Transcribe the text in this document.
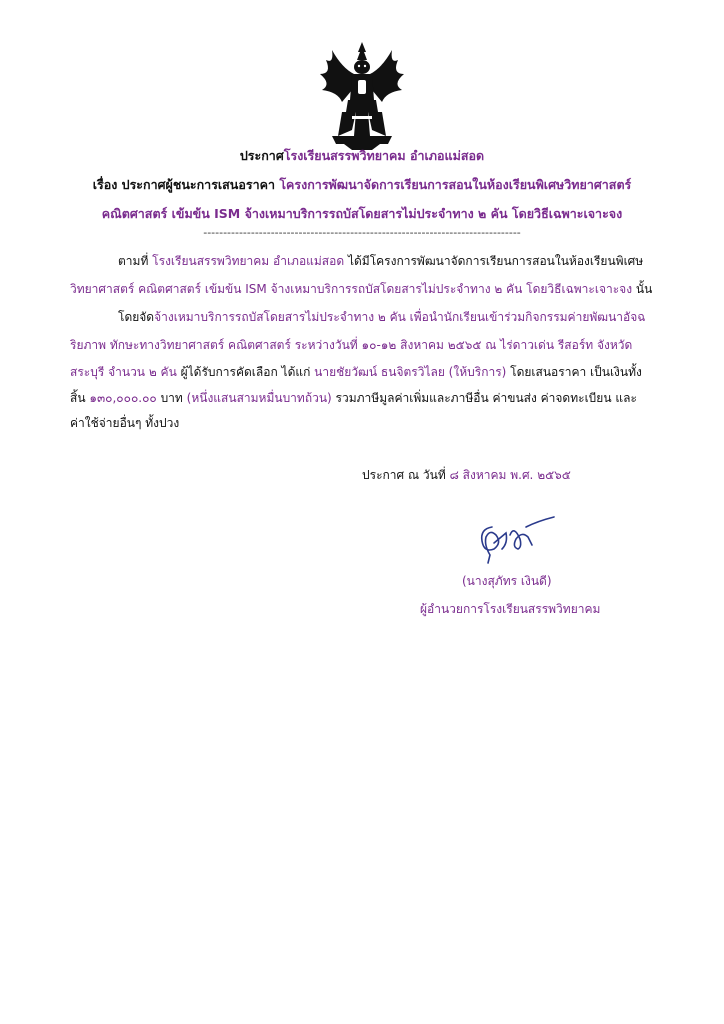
ประกาศโรงเรียนสรรพวิทยาคม อำเภอแม่สอด
เรื่อง ประกาศผู้ชนะการเสนอราคา โครงการพัฒนาจัดการเรียนการสอนในห้องเรียนพิเศษวิทยาศาสตร์
คณิตศาสตร์ เข้มข้น ISM จ้างเหมาบริการรถบัสโดยสารไม่ประจำทาง ๒ คัน โดยวิธีเฉพาะเจาะจง
--------------------------------------------------------------------------------
ตามที่ โรงเรียนสรรพวิทยาคม อำเภอแม่สอด ได้มีโครงการพัฒนาจัดการเรียนการสอนในห้องเรียนพิเศษ
วิทยาศาสตร์ คณิตศาสตร์ เข้มข้น ISM จ้างเหมาบริการรถบัสโดยสารไม่ประจำทาง ๒ คัน โดยวิธีเฉพาะเจาะจง นั้น
โดยจัดจ้างเหมาบริการรถบัสโดยสารไม่ประจำทาง ๒ คัน เพื่อนำนักเรียนเข้าร่วมกิจกรรมค่ายพัฒนาอัจฉ
ริยภาพ ทักษะทางวิทยาศาสตร์ คณิตศาสตร์ ระหว่างวันที่ ๑๐-๑๒ สิงหาคม ๒๕๖๕ ณ ไร่ดาวเด่น รีสอร์ท จังหวัด
สระบุรี จำนวน ๒ คัน ผู้ได้รับการคัดเลือก ได้แก่ นายชัยวัฒน์ ธนจิตรวิไลย (ให้บริการ) โดยเสนอราคา เป็นเงินทั้ง
สิ้น ๑๓๐,๐๐๐.๐๐ บาท (หนึ่งแสนสามหมื่นบาทถ้วน) รวมภาษีมูลค่าเพิ่มและภาษีอื่น ค่าขนส่ง ค่าจดทะเบียน และ
ค่าใช้จ่ายอื่นๆ ทั้งปวง
ประกาศ ณ วันที่ ๘ สิงหาคม พ.ศ. ๒๕๖๕
(นางสุภัทร เงินดี)
ผู้อำนวยการโรงเรียนสรรพวิทยาคม
